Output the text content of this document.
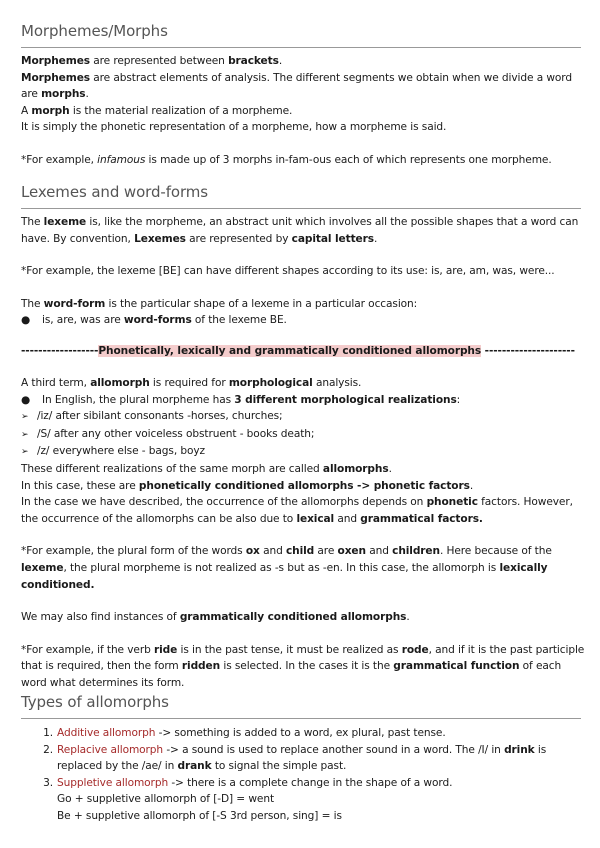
Morphemes/Morphs

Morphemes are represented between brackets.

Morphemes are abstract elements of analysis. The different segments we obtain when we divide a word are morphs.

A morph is the material realization of a morpheme.

It is simply the phonetic representation of a morpheme, how a morpheme is said.

*For example, infamous is made up of 3 morphs in-fam-ous each of which represents one morpheme.

Lexemes and word-forms

The lexeme is, like the morpheme, an abstract unit which involves all the possible shapes that a word can have. By convention, Lexemes are represented by capital letters.

*For example, the lexeme [BE] can have different shapes according to its use: is, are, am, was, were...

The word-form is the particular shape of a lexeme in a particular occasion:

● is, are, was are word-forms of the lexeme BE.

------------------Phonetically, lexically and grammatically conditioned allomorphs ---------------------

A third term, allomorph is required for morphological analysis.

● In English, the plural morpheme has 3 different morphological realizations:

➢ /iz/ after sibilant consonants -horses, churches;

➢ /S/ after any other voiceless obstruent - books death;

➢ /z/ everywhere else - bags, boyz

These different realizations of the same morph are called allomorphs.

In this case, these are phonetically conditioned allomorphs -> phonetic factors.

In the case we have described, the occurrence of the allomorphs depends on phonetic factors. However, the occurrence of the allomorphs can be also due to lexical and grammatical factors.

*For example, the plural form of the words ox and child are oxen and children. Here because of the lexeme, the plural morpheme is not realized as -s but as -en. In this case, the allomorph is lexically conditioned.

We may also find instances of grammatically conditioned allomorphs.

*For example, if the verb ride is in the past tense, it must be realized as rode, and if it is the past participle that is required, then the form ridden is selected. In the cases it is the grammatical function of each word what determines its form.

Types of allomorphs

1. Additive allomorph -> something is added to a word, ex plural, past tense.

2. Replacive allomorph -> a sound is used to replace another sound in a word. The /I/ in drink is replaced by the /ae/ in drank to signal the simple past.

3. Suppletive allomorph -> there is a complete change in the shape of a word.

Go + suppletive allomorph of [-D] = went

Be + suppletive allomorph of [-S 3rd person, sing] = is
